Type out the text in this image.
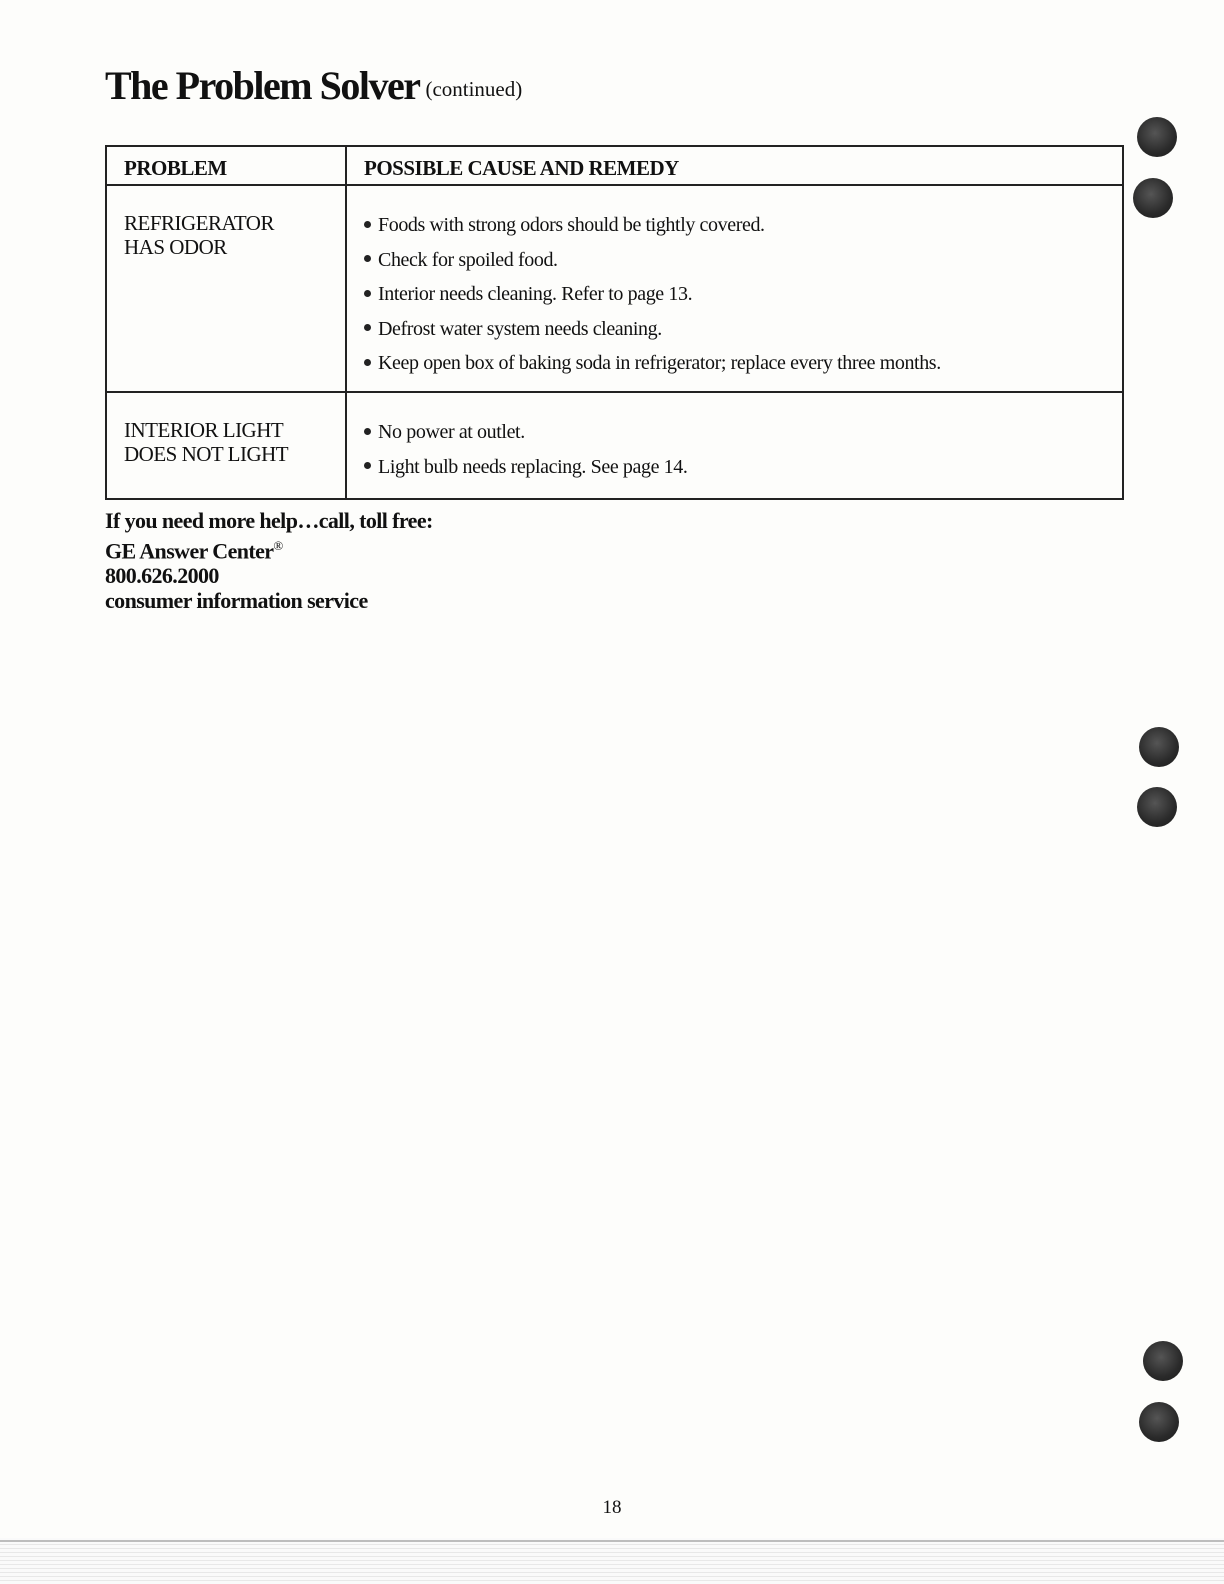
The Problem Solver (continued)
PROBLEM	POSSIBLE CAUSE AND REMEDY
REFRIGERATOR
HAS ODOR
Foods with strong odors should be tightly covered.
Check for spoiled food.
Interior needs cleaning. Refer to page 13.
Defrost water system needs cleaning.
Keep open box of baking soda in refrigerator; replace every three months.
INTERIOR LIGHT
DOES NOT LIGHT
No power at outlet.
Light bulb needs replacing. See page 14.
If you need more help…call, toll free:
GE Answer Center®
800.626.2000
consumer information service
18
